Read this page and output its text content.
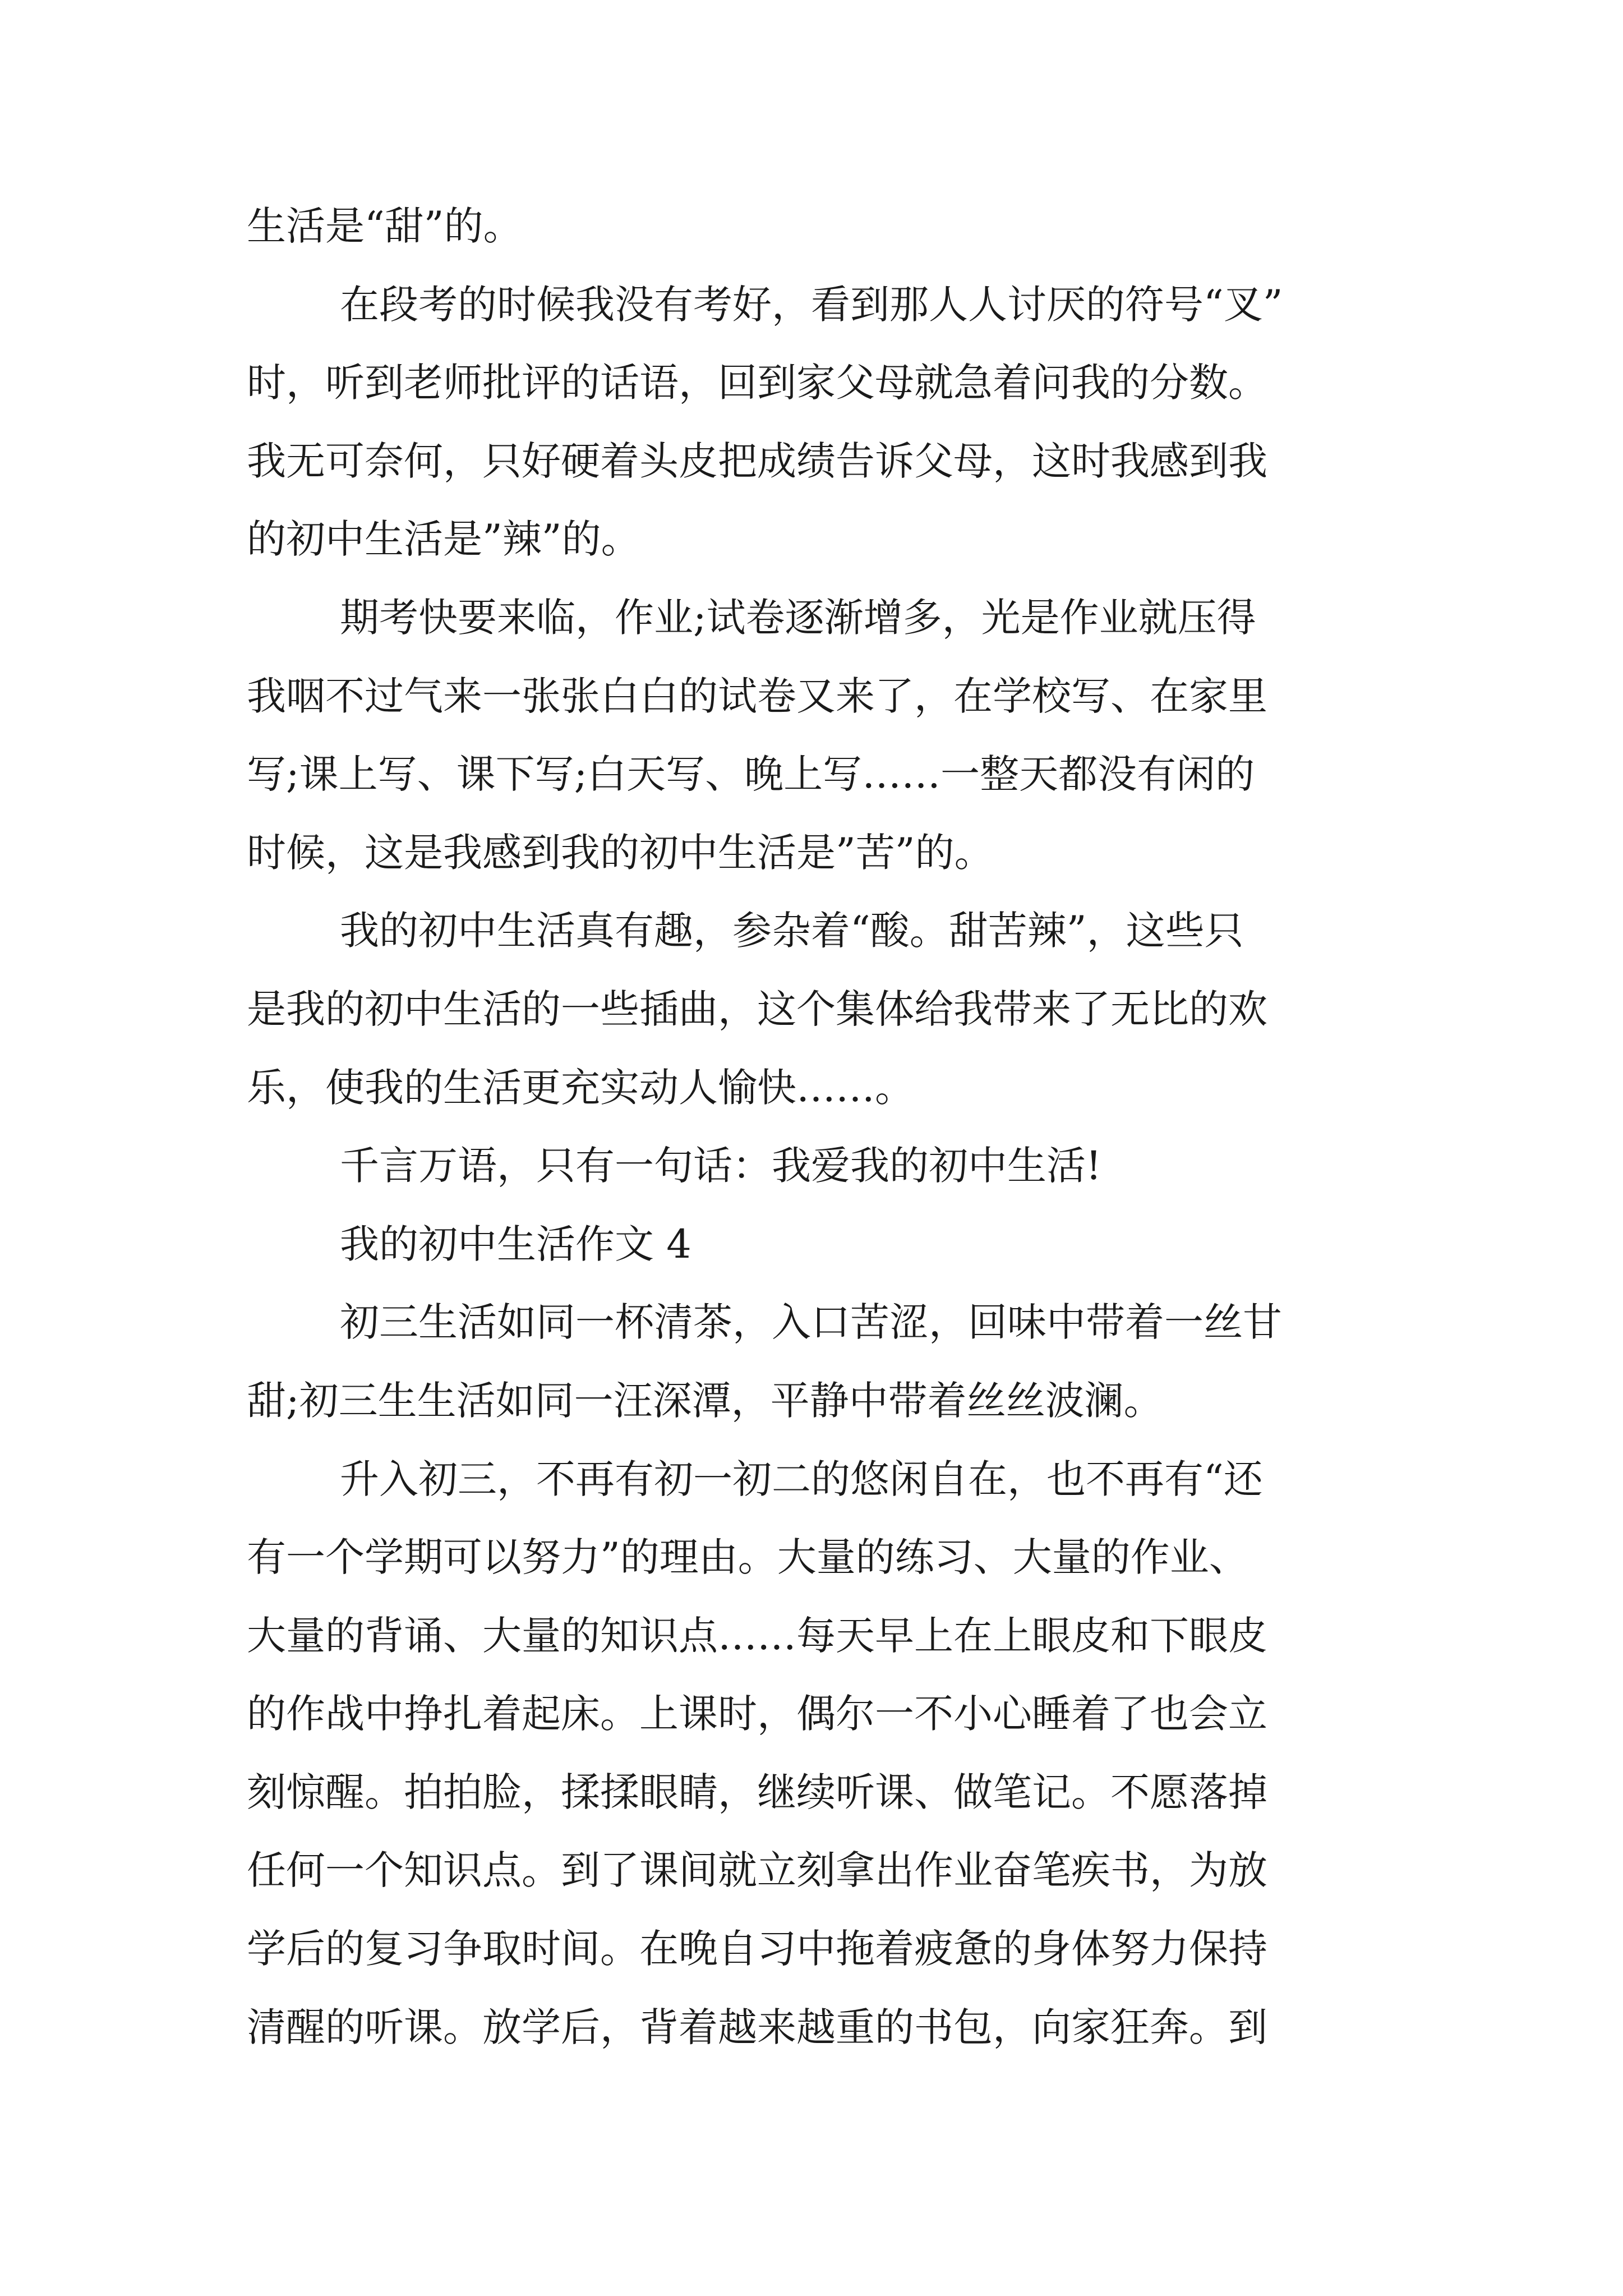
生活是“甜”的。
在段考的时候我没有考好，看到那人人讨厌的符号“叉”
时，听到老师批评的话语，回到家父母就急着问我的分数。
我无可奈何，只好硬着头皮把成绩告诉父母，这时我感到我
的初中生活是”辣”的。
期考快要来临，作业;试卷逐渐增多，光是作业就压得
我咽不过气来一张张白白的试卷又来了，在学校写、在家里
写;课上写、课下写;白天写、晚上写……一整天都没有闲的
时候，这是我感到我的初中生活是”苦”的。
我的初中生活真有趣，参杂着“酸。甜苦辣”，这些只
是我的初中生活的一些插曲，这个集体给我带来了无比的欢
乐，使我的生活更充实动人愉快……。
千言万语，只有一句话：我爱我的初中生活!
我的初中生活作文 4
初三生活如同一杯清茶，入口苦涩，回味中带着一丝甘
甜;初三生生活如同一汪深潭，平静中带着丝丝波澜。
升入初三，不再有初一初二的悠闲自在，也不再有“还
有一个学期可以努力”的理由。大量的练习、大量的作业、
大量的背诵、大量的知识点……每天早上在上眼皮和下眼皮
的作战中挣扎着起床。上课时，偶尔一不小心睡着了也会立
刻惊醒。拍拍脸，揉揉眼睛，继续听课、做笔记。不愿落掉
任何一个知识点。到了课间就立刻拿出作业奋笔疾书，为放
学后的复习争取时间。在晚自习中拖着疲惫的身体努力保持
清醒的听课。放学后，背着越来越重的书包，向家狂奔。到
